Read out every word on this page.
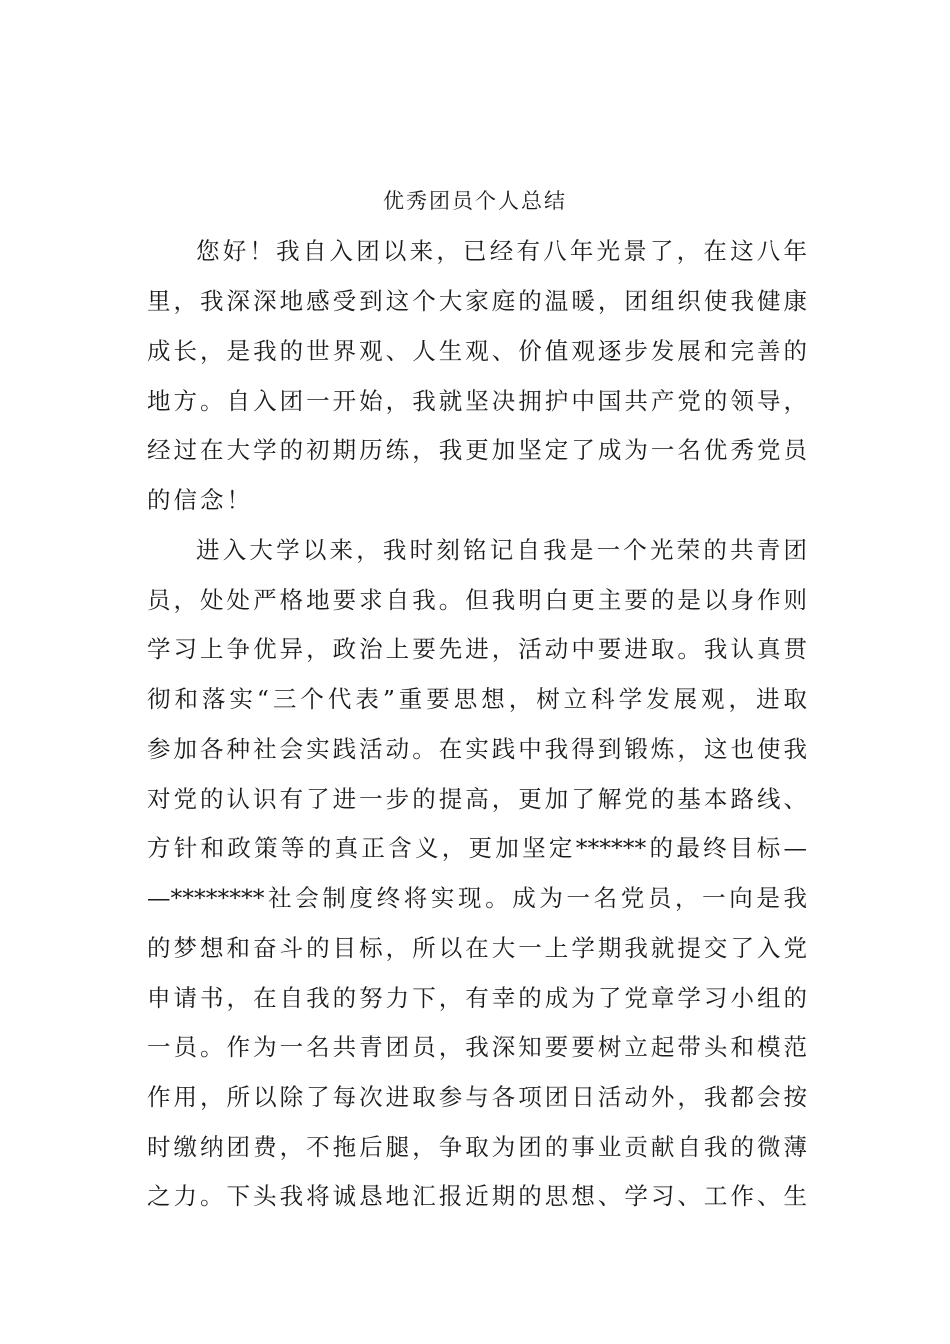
优秀团员个人总结
您好！我自入团以来，已经有八年光景了，在这八年
里，我深深地感受到这个大家庭的温暖，团组织使我健康
成长，是我的世界观、人生观、价值观逐步发展和完善的
地方。自入团一开始，我就坚决拥护中国共产党的领导，
经过在大学的初期历练，我更加坚定了成为一名优秀党员
的信念！
进入大学以来，我时刻铭记自我是一个光荣的共青团
员，处处严格地要求自我。但我明白更主要的是以身作则
学习上争优异，政治上要先进，活动中要进取。我认真贯
彻和落实“三个代表”重要思想，树立科学发展观，进取
参加各种社会实践活动。在实践中我得到锻炼，这也使我
对党的认识有了进一步的提高，更加了解党的基本路线、
方针和政策等的真正含义，更加坚定******的最终目标—
—********社会制度终将实现。成为一名党员，一向是我
的梦想和奋斗的目标，所以在大一上学期我就提交了入党
申请书，在自我的努力下，有幸的成为了党章学习小组的
一员。作为一名共青团员，我深知要要树立起带头和模范
作用，所以除了每次进取参与各项团日活动外，我都会按
时缴纳团费，不拖后腿，争取为团的事业贡献自我的微薄
之力。下头我将诚恳地汇报近期的思想、学习、工作、生
